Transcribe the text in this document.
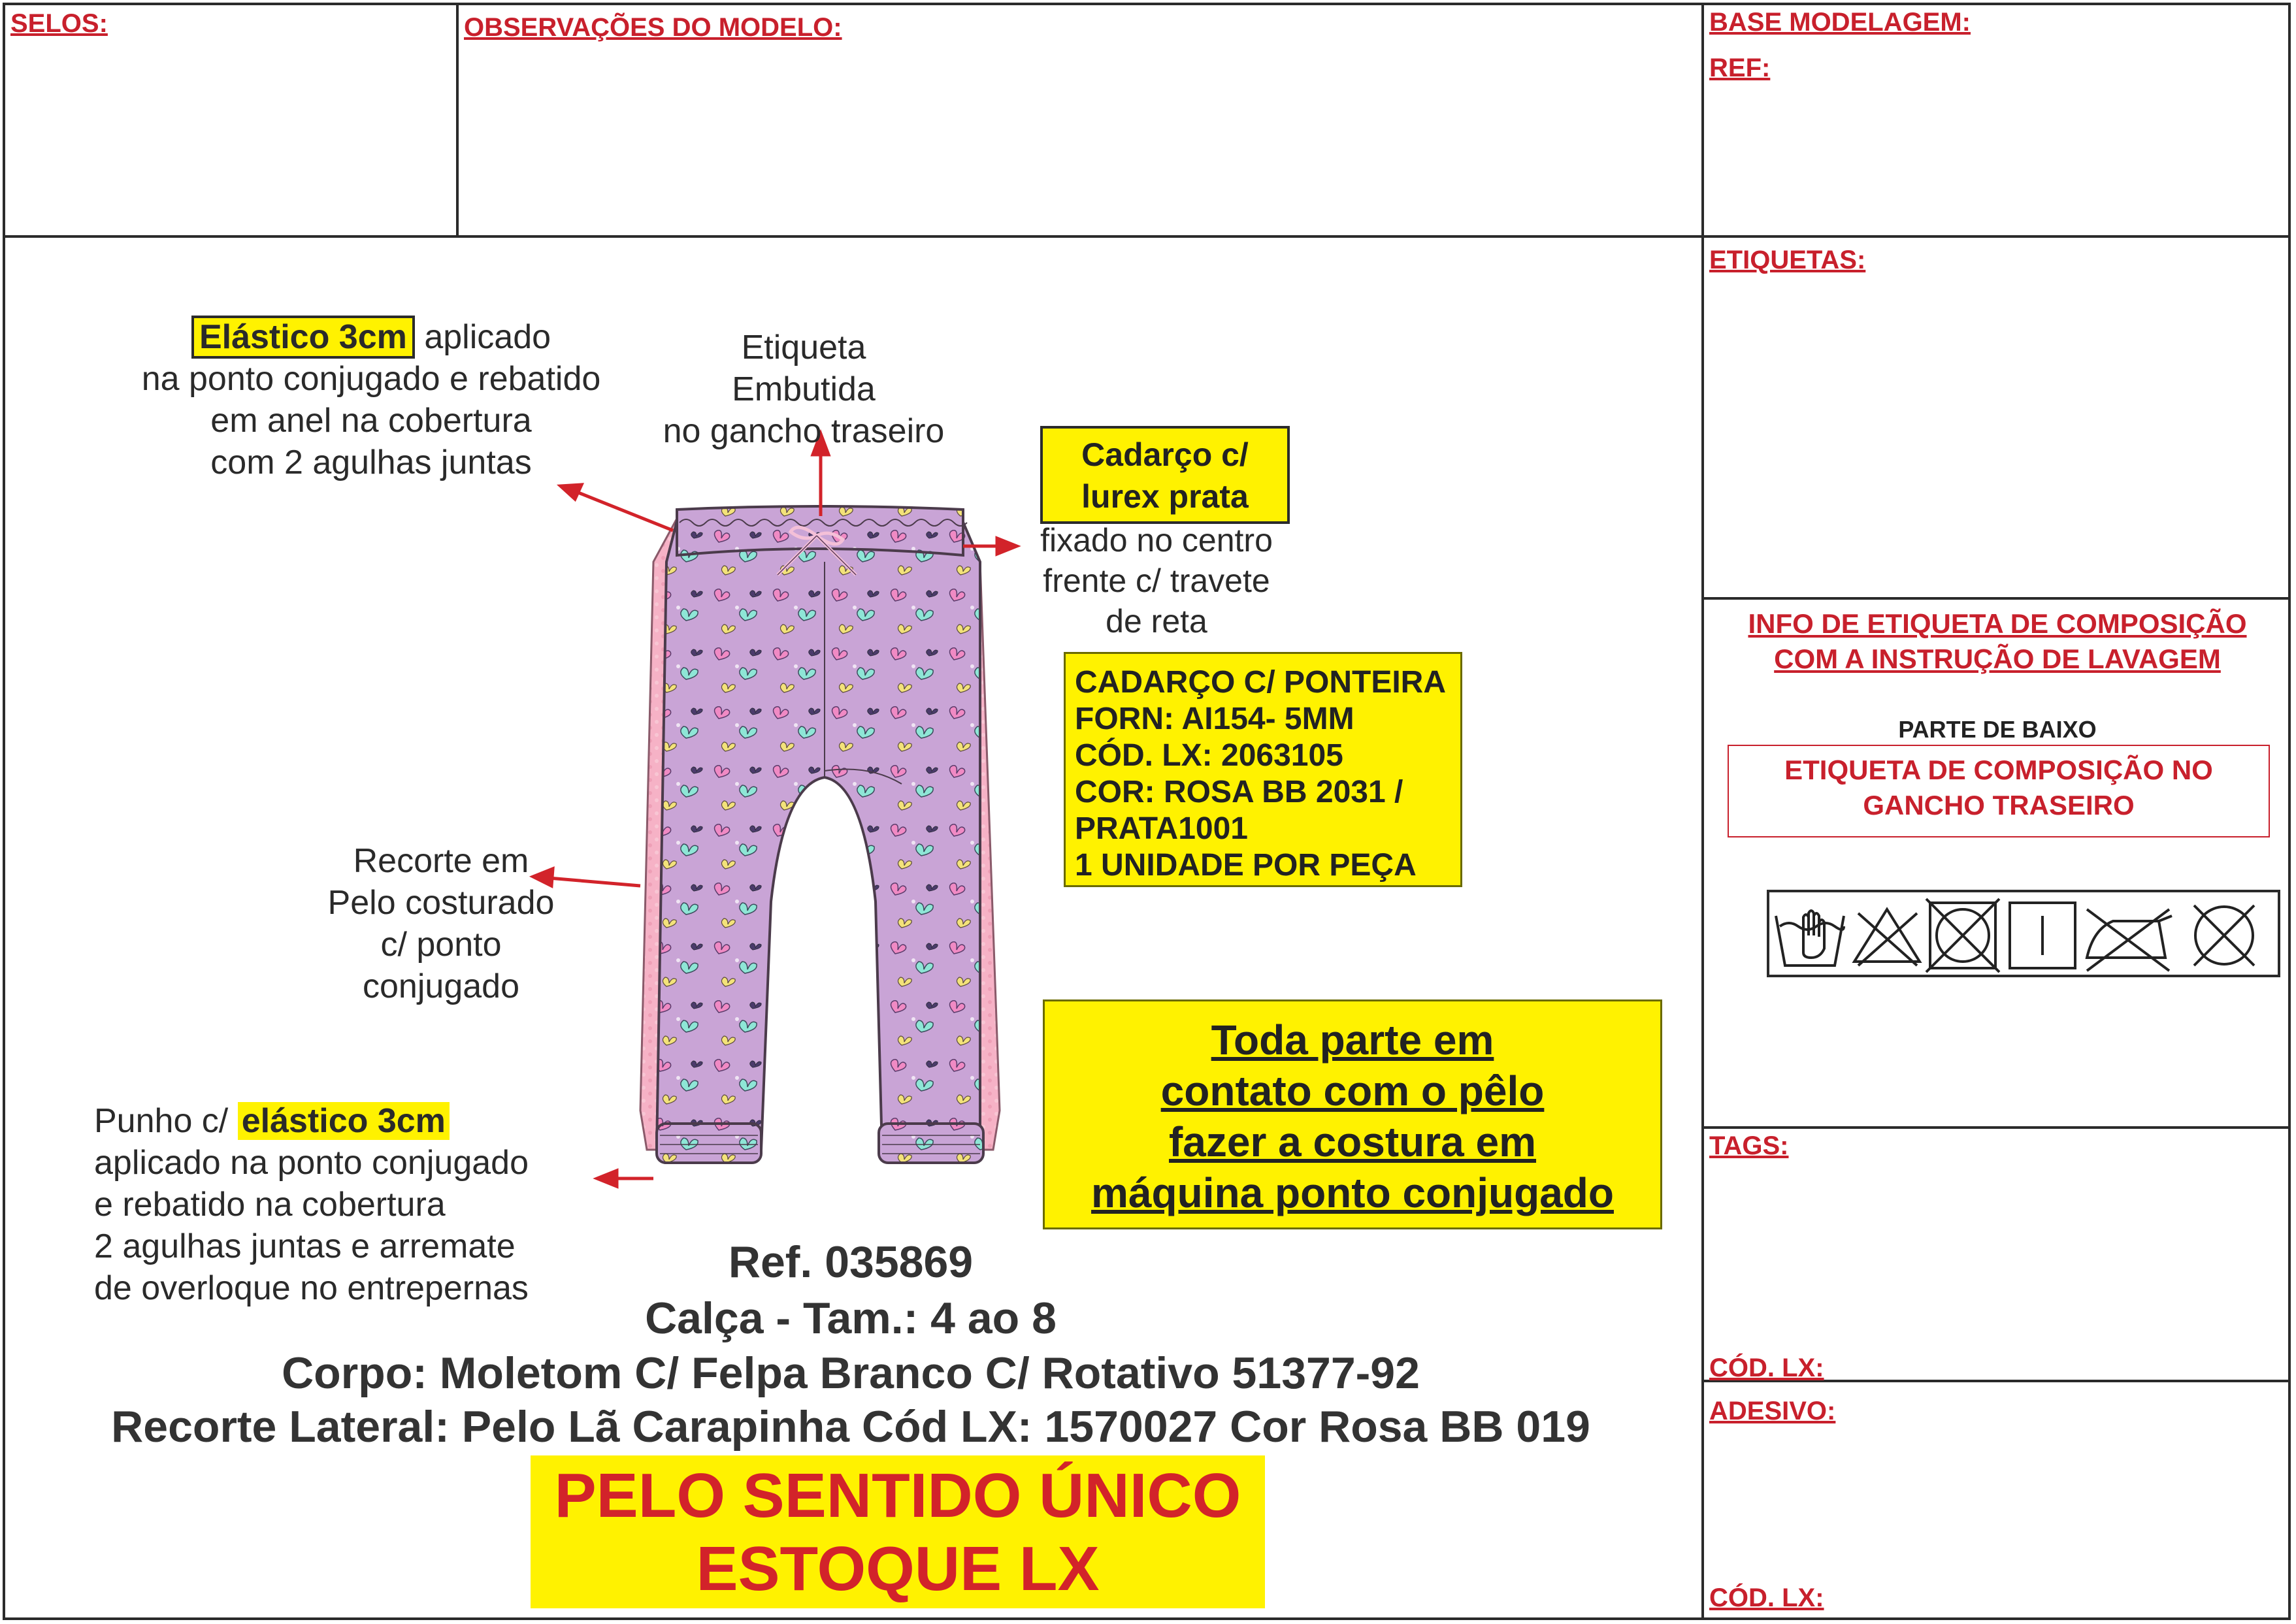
SELOS:	OBSERVAÇÕES DO MODELO:	BASE MODELAGEM:
REF:
ETIQUETAS:
TAGS:
CÓD. LX:
ADESIVO:
CÓD. LX:
Elástico 3cm aplicado
na ponto conjugado e rebatido
em anel na cobertura
com 2 agulhas juntas
Etiqueta
Embutida
no gancho traseiro
Cadarço c/
lurex prata
fixado no centro
frente c/ travete
de reta
Recorte em
Pelo costurado
c/ ponto
conjugado
Punho c/ elástico 3cm
aplicado na ponto conjugado
e rebatido na cobertura
2 agulhas juntas e arremate
de overloque no entrepernas
CADARÇO C/ PONTEIRA
FORN: AI154- 5MM
CÓD. LX: 2063105
COR: ROSA BB 2031 /
PRATA1001
1 UNIDADE POR PEÇA
Toda parte em
contato com o pêlo
fazer a costura em
máquina ponto conjugado
Ref. 035869
Calça - Tam.: 4 ao 8
Corpo: Moletom C/ Felpa Branco C/ Rotativo 51377-92
Recorte Lateral: Pelo Lã Carapinha Cód LX: 1570027 Cor Rosa BB 019
PELO SENTIDO ÚNICO
ESTOQUE LX
INFO DE ETIQUETA DE COMPOSIÇÃO
COM A INSTRUÇÃO DE LAVAGEM
PARTE DE BAIXO
ETIQUETA DE COMPOSIÇÃO NO
GANCHO TRASEIRO
